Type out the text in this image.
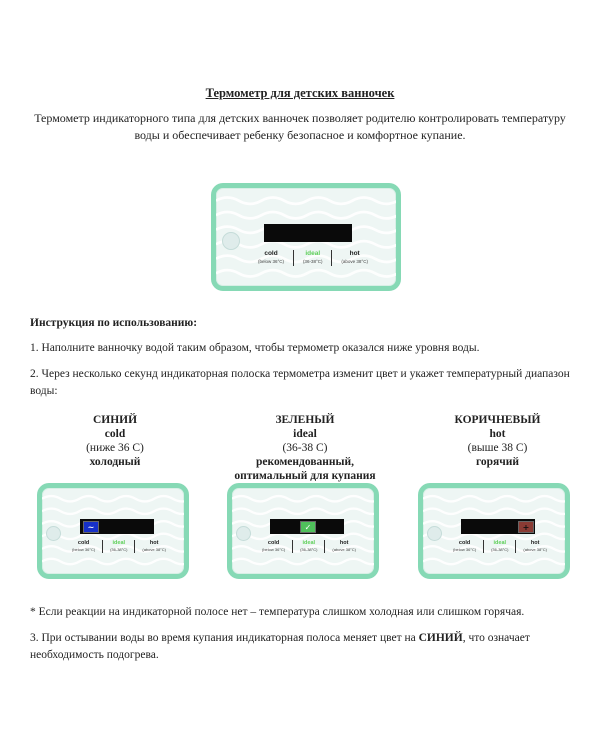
Термометр для детских ванночек
Термометр индикаторного типа для детских ванночек позволяет родителю контролировать температуру воды и обеспечивает ребенку безопасное и комфортное купание.
cold
(below 36°C)
ideal
(36-38°C)
hot
(above 38°C)
Инструкция по использованию:
1. Наполните ванночку водой таким образом, чтобы термометр оказался ниже уровня воды.
2. Через несколько секунд индикаторная полоска термометра изменит цвет и укажет температурный диапазон воды:
СИНИЙ
cold
(ниже 36 С)
холодный
ЗЕЛЕНЫЙ
ideal
(36-38 С)
рекомендованный,
оптимальный для купания
КОРИЧНЕВЫЙ
hot
(выше 38 С)
горячий
~
cold
(below 36°C)
ideal
(36-38°C)
hot
(above 38°C)
✓
cold
(below 36°C)
ideal
(36-38°C)
hot
(above 38°C)
+
cold
(below 36°C)
ideal
(36-38°C)
hot
(above 38°C)
* Если реакции на индикаторной полосе нет – температура слишком холодная или слишком горячая.
3. При остывании воды во время купания индикаторная полоса меняет цвет на СИНИЙ, что означает необходимость подогрева.
